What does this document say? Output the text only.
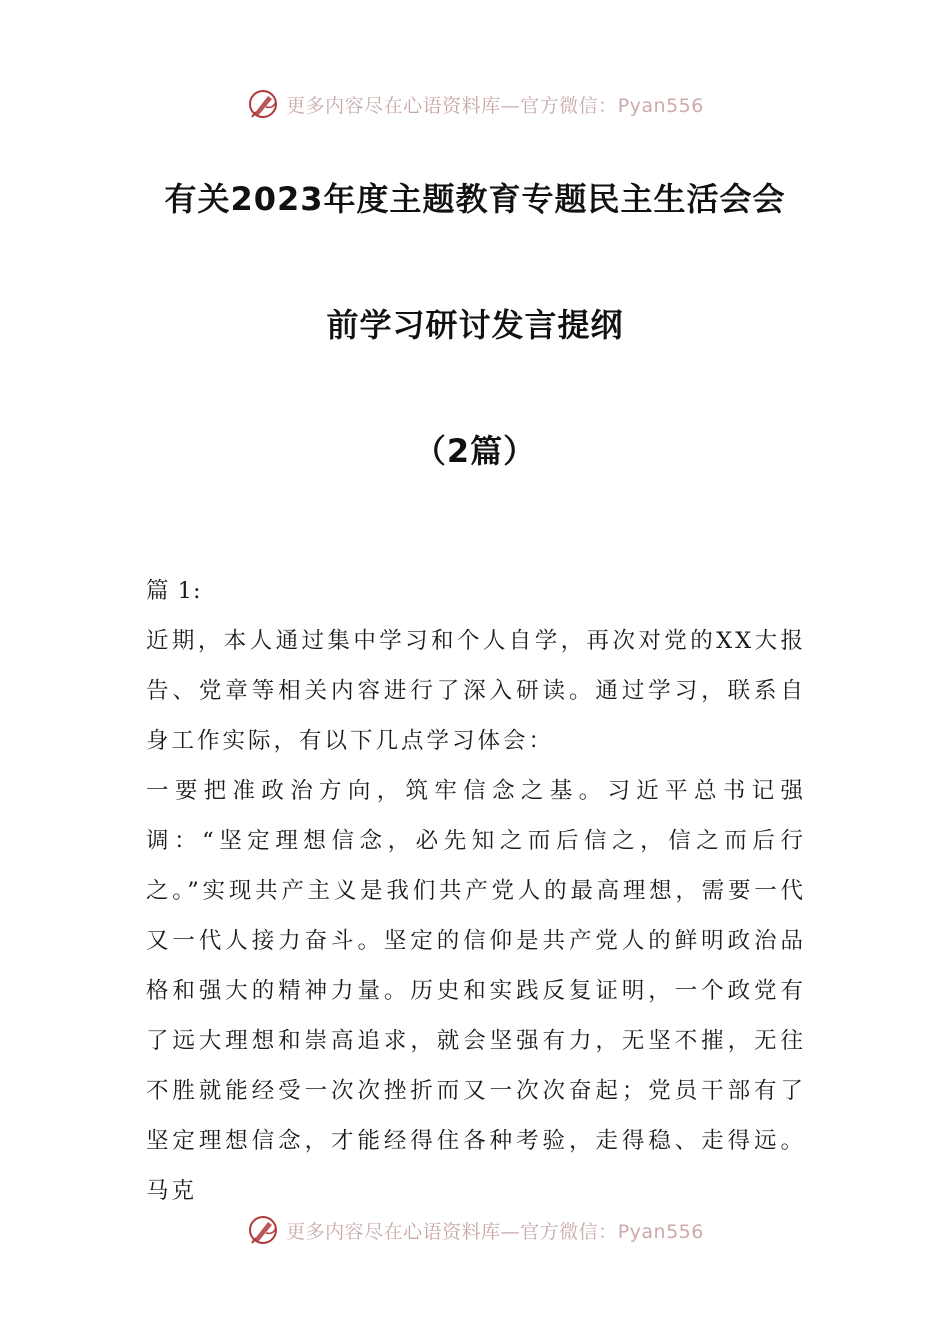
更多内容尽在心语资料库—官方微信：Pyan556
有关2023年度主题教育专题民主生活会会
前学习研讨发言提纲
（2篇）
篇 1:

近期，本人通过集中学习和个人自学，再次对党的XX大报告、党章等相关内容进行了深入研读。通过学习，联系自身工作实际，有以下几点学习体会：

一要把准政治方向，筑牢信念之基。习近平总书记强调：“坚定理想信念，必先知之而后信之，信之而后行之。”实现共产主义是我们共产党人的最高理想，需要一代又一代人接力奋斗。坚定的信仰是共产党人的鲜明政治品格和强大的精神力量。历史和实践反复证明，一个政党有了远大理想和崇高追求，就会坚强有力，无坚不摧，无往不胜就能经受一次次挫折而又一次次奋起；党员干部有了坚定理想信念，才能经得住各种考验，走得稳、走得远。马克

更多内容尽在心语资料库—官方微信：Pyan556
